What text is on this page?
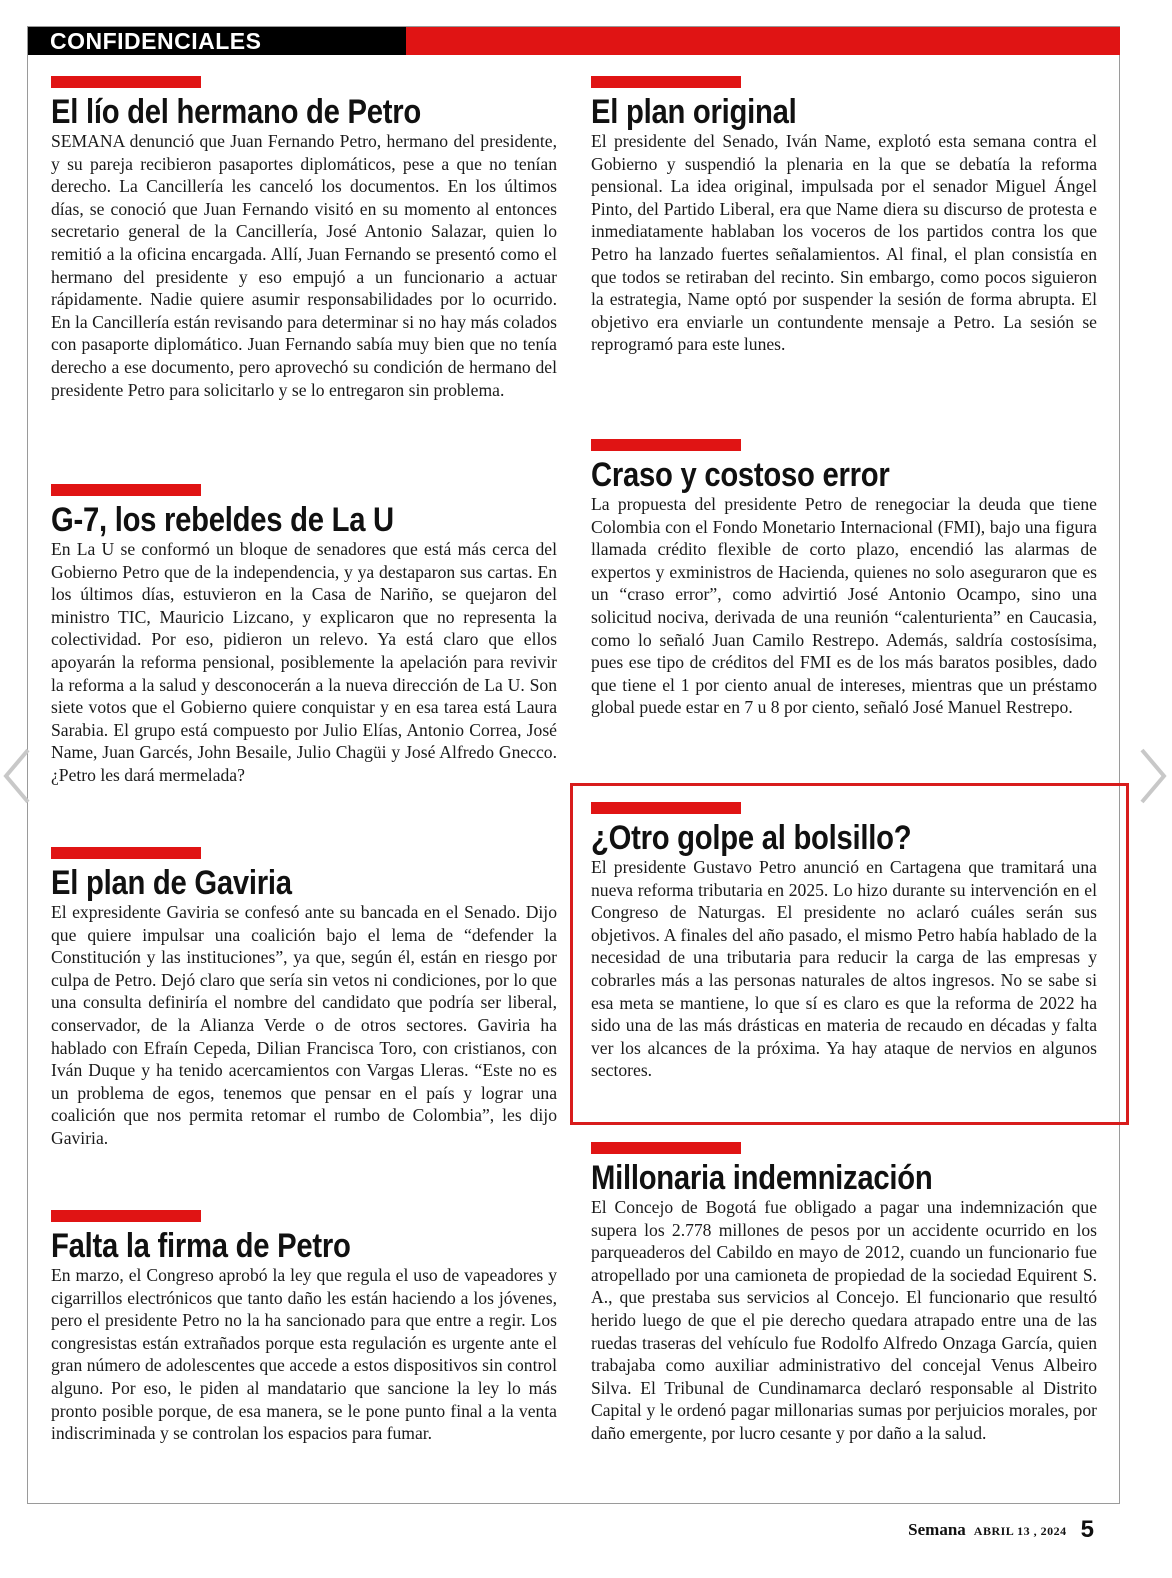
CONFIDENCIALES
El lío del hermano de Petro

SEMANA denunció que Juan Fernando Petro, hermano del presidente, y su pareja recibieron pasaportes diplomáticos, pese a que no tenían derecho. La Cancillería les canceló los documentos. En los últimos días, se conoció que Juan Fernando visitó en su momento al entonces secretario general de la Cancillería, José Antonio Salazar, quien lo remitió a la oficina encargada. Allí, Juan Fernando se presentó como el hermano del presidente y eso empujó a un funcionario a actuar rápidamente. Nadie quiere asumir responsabilidades por lo ocurrido. En la Cancillería están revisando para determinar si no hay más colados con pasaporte diplomático. Juan Fernando sabía muy bien que no tenía derecho a ese documento, pero aprovechó su condición de hermano del presidente Petro para solicitarlo y se lo entregaron sin problema.

G-7, los rebeldes de La U

En La U se conformó un bloque de senadores que está más cerca del Gobierno Petro que de la independencia, y ya destaparon sus cartas. En los últimos días, estuvieron en la Casa de Nariño, se quejaron del ministro TIC, Mauricio Lizcano, y explicaron que no representa la colectividad. Por eso, pidieron un relevo. Ya está claro que ellos apoyarán la reforma pensional, posiblemente la apelación para revivir la reforma a la salud y desconocerán a la nueva dirección de La U. Son siete votos que el Gobierno quiere conquistar y en esa tarea está Laura Sarabia. El grupo está compuesto por Julio Elías, Antonio Correa, José Name, Juan Garcés, John Besaile, Julio Chagüi y José Alfredo Gnecco. ¿Petro les dará mermelada?

El plan de Gaviria

El expresidente Gaviria se confesó ante su bancada en el Senado. Dijo que quiere impulsar una coalición bajo el lema de “defender la Constitución y las instituciones”, ya que, según él, están en riesgo por culpa de Petro. Dejó claro que sería sin vetos ni condiciones, por lo que una consulta definiría el nombre del candidato que podría ser liberal, conservador, de la Alianza Verde o de otros sectores. Gaviria ha hablado con Efraín Cepeda, Dilian Francisca Toro, con cristianos, con Iván Duque y ha tenido acercamientos con Vargas Lleras. “Este no es un problema de egos, tenemos que pensar en el país y lograr una coalición que nos permita retomar el rumbo de Colombia”, les dijo Gaviria.

Falta la firma de Petro

En marzo, el Congreso aprobó la ley que regula el uso de vapeadores y cigarrillos electrónicos que tanto daño les están haciendo a los jóvenes, pero el presidente Petro no la ha sancionado para que entre a regir. Los congresistas están extrañados porque esta regulación es urgente ante el gran número de adolescentes que accede a estos dispositivos sin control alguno. Por eso, le piden al mandatario que sancione la ley lo más pronto posible porque, de esa manera, se le pone punto final a la venta indiscriminada y se controlan los espacios para fumar.

El plan original

El presidente del Senado, Iván Name, explotó esta semana contra el Gobierno y suspendió la plenaria en la que se debatía la reforma pensional. La idea original, impulsada por el senador Miguel Ángel Pinto, del Partido Liberal, era que Name diera su discurso de protesta e inmediatamente hablaban los voceros de los partidos contra los que Petro ha lanzado fuertes señalamientos. Al final, el plan consistía en que todos se retiraban del recinto. Sin embargo, como pocos siguieron la estrategia, Name optó por suspender la sesión de forma abrupta. El objetivo era enviarle un contundente mensaje a Petro. La sesión se reprogramó para este lunes.

Craso y costoso error

La propuesta del presidente Petro de renegociar la deuda que tiene Colombia con el Fondo Monetario Internacional (FMI), bajo una figura llamada crédito flexible de corto plazo, encendió las alarmas de expertos y exministros de Hacienda, quienes no solo aseguraron que es un “craso error”, como advirtió José Antonio Ocampo, sino una solicitud nociva, derivada de una reunión “calenturienta” en Caucasia, como lo señaló Juan Camilo Restrepo. Además, saldría costosísima, pues ese tipo de créditos del FMI es de los más baratos posibles, dado que tiene el 1 por ciento anual de intereses, mientras que un préstamo global puede estar en 7 u 8 por ciento, señaló José Manuel Restrepo.

¿Otro golpe al bolsillo?

El presidente Gustavo Petro anunció en Cartagena que tramitará una nueva reforma tributaria en 2025. Lo hizo durante su intervención en el Congreso de Naturgas. El presidente no aclaró cuáles serán sus objetivos. A finales del año pasado, el mismo Petro había hablado de la necesidad de una tributaria para reducir la carga de las empresas y cobrarles más a las personas naturales de altos ingresos. No se sabe si esa meta se mantiene, lo que sí es claro es que la reforma de 2022 ha sido una de las más drásticas en materia de recaudo en décadas y falta ver los alcances de la próxima. Ya hay ataque de nervios en algunos sectores.

Millonaria indemnización

El Concejo de Bogotá fue obligado a pagar una indemnización que supera los 2.778 millones de pesos por un accidente ocurrido en los parqueaderos del Cabildo en mayo de 2012, cuando un funcionario fue atropellado por una camioneta de propiedad de la sociedad Equirent S. A., que prestaba sus servicios al Concejo. El funcionario que resultó herido luego de que el pie derecho quedara atrapado entre una de las ruedas traseras del vehículo fue Rodolfo Alfredo Onzaga García, quien trabajaba como auxiliar administrativo del concejal Venus Albeiro Silva. El Tribunal de Cundinamarca declaró responsable al Distrito Capital y le ordenó pagar millonarias sumas por perjuicios morales, por daño emergente, por lucro cesante y por daño a la salud.

Semana ABRIL 13 , 2024 5
